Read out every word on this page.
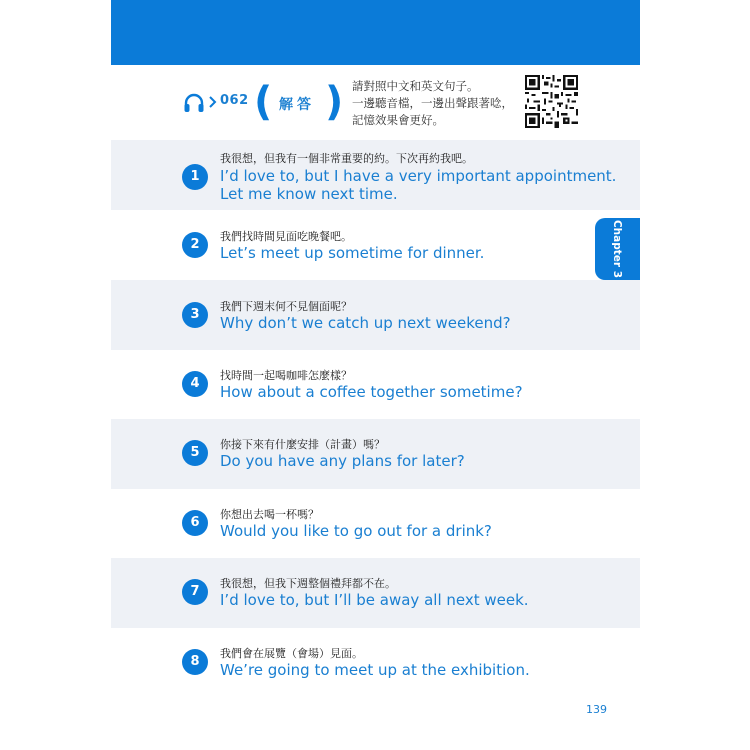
062 ( 解答 ) 請對照中文和英文句子。
一邊聽音檔，一邊出聲跟著唸，
記憶效果會更好。
1
我很想，但我有一個非常重要的約。下次再約我吧。
I’d love to, but I have a very important appointment.
Let me know next time.
2
我們找時間見面吃晚餐吧。
Let’s meet up sometime for dinner.
3
我們下週末何不見個面呢？
Why don’t we catch up next weekend?
4
找時間一起喝咖啡怎麼樣？
How about a coffee together sometime?
5
你接下來有什麼安排（計畫）嗎？
Do you have any plans for later?
6
你想出去喝一杯嗎？
Would you like to go out for a drink?
7
我很想，但我下週整個禮拜都不在。
I’d love to, but I’ll be away all next week.
8
我們會在展覽（會場）見面。
We’re going to meet up at the exhibition.
Chapter 3
139
